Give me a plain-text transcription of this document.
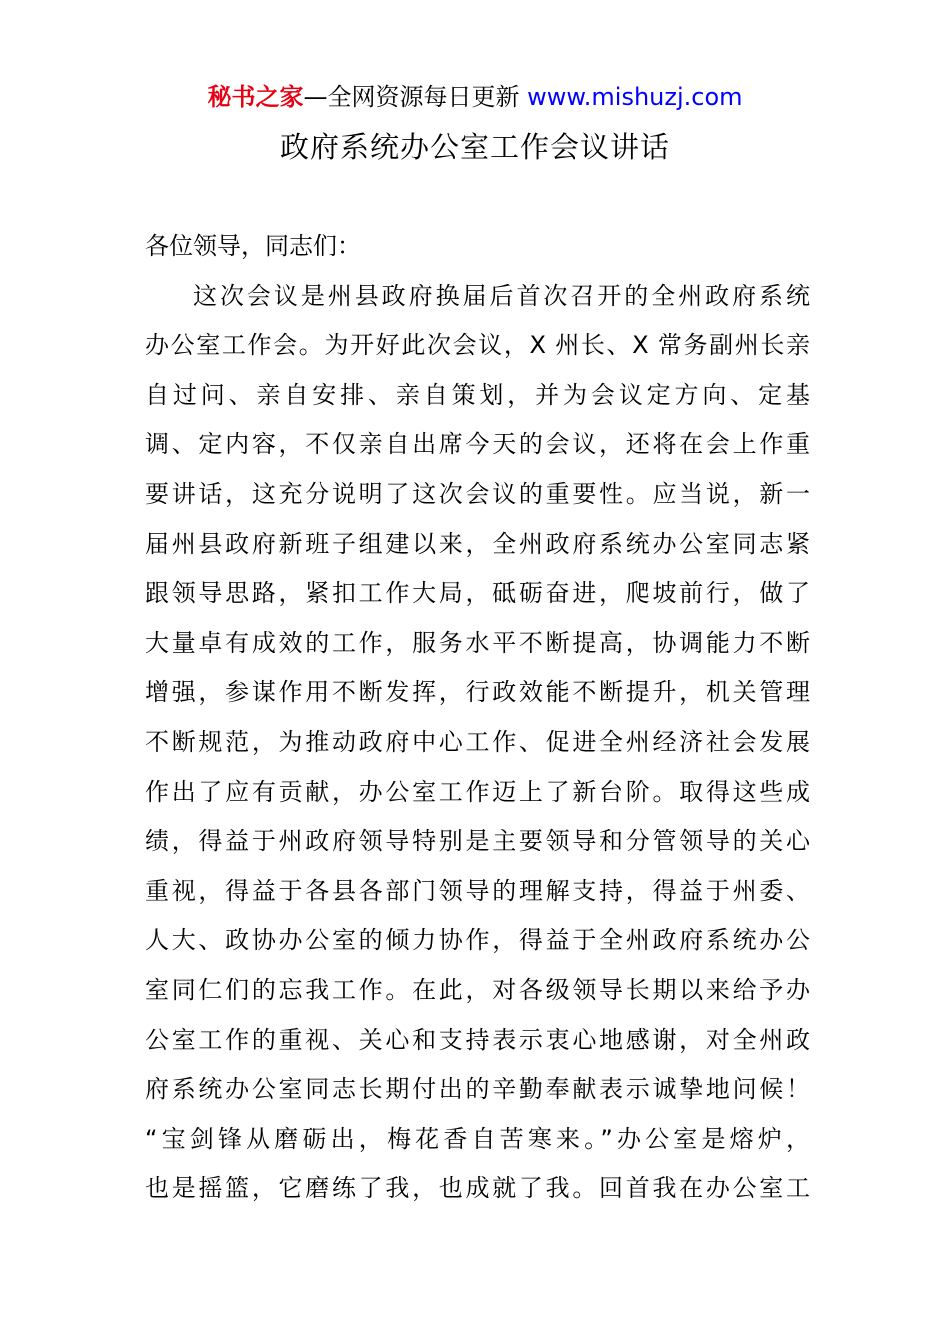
秘书之家—全网资源每日更新 www.mishuzj.com
政府系统办公室工作会议讲话
各位领导，同志们：
这次会议是州县政府换届后首次召开的全州政府系统
办公室工作会。为开好此次会议，X 州长、X 常务副州长亲
自过问、亲自安排、亲自策划，并为会议定方向、定基
调、定内容，不仅亲自出席今天的会议，还将在会上作重
要讲话，这充分说明了这次会议的重要性。应当说，新一
届州县政府新班子组建以来，全州政府系统办公室同志紧
跟领导思路，紧扣工作大局，砥砺奋进，爬坡前行，做了
大量卓有成效的工作，服务水平不断提高，协调能力不断
增强，参谋作用不断发挥，行政效能不断提升，机关管理
不断规范，为推动政府中心工作、促进全州经济社会发展
作出了应有贡献，办公室工作迈上了新台阶。取得这些成
绩，得益于州政府领导特别是主要领导和分管领导的关心
重视，得益于各县各部门领导的理解支持，得益于州委、
人大、政协办公室的倾力协作，得益于全州政府系统办公
室同仁们的忘我工作。在此，对各级领导长期以来给予办
公室工作的重视、关心和支持表示衷心地感谢，对全州政
府系统办公室同志长期付出的辛勤奉献表示诚挚地问候！
“宝剑锋从磨砺出，梅花香自苦寒来。”办公室是熔炉，
也是摇篮，它磨练了我，也成就了我。回首我在办公室工
